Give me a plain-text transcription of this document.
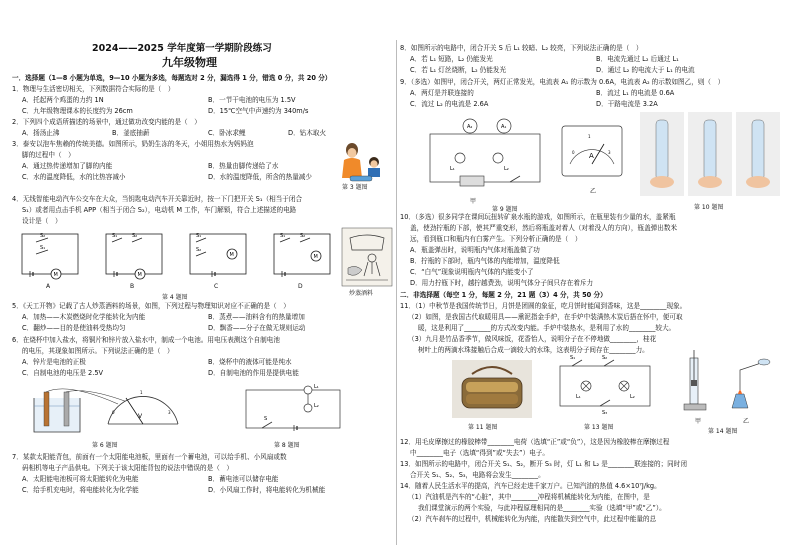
2024——2025 学年度第一学期阶段练习
九年级物理
一．选择题（1—8 小题为单选，9—10 小题为多选，每题选对 2 分，漏选得 1 分，错选 0 分，共 20 分）
1．物理与生活密切相关，下列数据符合实际的是（　）
A．托起两个鸡蛋的力约 1N	B．一节干电池的电压为 1.5V
C．九年级物理课本的长度约为 26cm	D．15℃空气中声速约为 340m/s
2．下列四个成语所描述的场景中，通过做功改变内能的是（　）
A．扬汤止沸	B．釜底抽薪	C．卧冰求鲤	D．钻木取火
3．泰安以泡车焦赖的传统美德。如图所示，奶奶生冻的冬天，小姐用热水为妈妈泡
脚的过程中（　）
A．通过热传递增加了脚的内能	B．热量由脚传递给了水
C．水的温度降低，水的比热容减小	D．水的温度降低，所含的热量减少
第 3 题图
4．无线智能电动汽车公交车在大众，当钥匙电动汽车开关靠近时，按一下门把开关 S₁（相当于闭合
S₁）或者用点击手机 APP（相当于闭合 S₂），电动机 M 工作，车门解锁，符合上述描述的电路
设计是（　）
S₂
S₁
M
S₁	S₂
M
S₁
S₂
M
S₁	S₂
M
A	B	C	D
第 4 题图
炒蒸酒料
5．《天工开物》记载了古人炒蒸酒料的场景，如图，下列过程与物理知识对应不正确的是（　）
A．加热——木炭燃烧时化学能转化为内能	B．蒸煮——油料含有的热量增加
C．翻炒——目的是使油料受热均匀	D．飘香——分子在做无规则运动
6．在烧杯中加入盐水，将铜片和锌片放入盐水中，制成一个电池。用电压表测这个自制电池
的电压，其现象如图所示。下列说法正确的是（　）
A．锌片是电池的正极	B．烧杯中的液体可能是纯水
C．自制电池的电压是 2.5V	D．自制电池的作用是提供电能
V
0
1
3
第 6 题图
L₁
L₂
S
第 8 题图
7．某款太阳能背包，前面有一个太阳能电池板，里面有一个蓄电池，可以给手机、小风扇或数
码相机等电子产品供电。下列关于该太阳能背包的说法中错误的是（　）
A．太阳能电池板可将太阳能转化为电能	B．蓄电池可以储存电能
C．给手机充电时，将电能转化为化学能	D．小风扇工作时，将电能转化为机械能
8．如图所示的电路中，闭合开关 S 后 L₁ 较暗、L₂ 较亮，下列说法正确的是（　）
A．若 L₁ 短路，L₂ 仍能发光	B．电流先通过 L₂ 后通过 L₁
C．若 L₁ 灯丝烧断，L₂ 仍能发光	D．通过 L₂ 的电流大于 L₁ 的电流
9．（多选）如图甲，闭合开关，两灯正常发光，电流表 A₁ 的示数为 0.6A，电流表 A₂ 的示数如图乙，则（　）
A．两灯是并联连接的	B．流过 L₁ 的电流是 0.6A
C．流过 L₂ 的电流是 2.6A	D．干路电流是 3.2A
A₂	A₁
L₁	L₂
甲
A
0
1
3
乙
第 9 题图	第 10 题图
10．（多选）很多同学在课间玩扭转矿泉水瓶的游戏，如图所示，在瓶里装有少量的水，盖紧瓶
盖，使劲拧瓶的下部，使其严重变形，然后将瓶盖对着人（对着没人的方向），瓶盖弹出数米
远，看到瓶口和瓶内有白雾产生。下列分析正确的是（　）
A．瓶盖弹出时，说明瓶内气体对瓶盖做了功
B．拧瓶的下部时，瓶内气体的内能增加，温度降低
C．“白气”现象说明瓶内气体的内能变小了
D．用力拧瓶下时，越拧越费劲，说明气体分子间只存在着斥力
二．非选择题（每空 1 分，每题 2 分，21 题（3）4 分，共 50 分）
11．（1）中秋节是我国传统节日，月饼是团圆的象征，吃月饼时能闻到香味，这是________现象。
（2）如图，是我国古代取暖用具——熏泥指金手炉，在手炉中装满热木炭后捂在怀中，便可取
暖，这是利用了________的方式改变内能。手炉中装热水，是利用了水的________较大。
（3）九月是竹品香季节，做风味饭，花香怡人，说明分子在不停地做________，桂花
树叶上的两滴水珠接触后合成一滴较大的水珠，这表明分子间存在________力。
第 11 题图
S₁	S₂
L₁	L₂
S₃
第 13 题图
甲	乙
第 14 题图
12．用毛皮摩擦过的橡胶棒带________电荷（选填“正”或“负”），这是因为橡胶棒在摩擦过程
中________电子（选填“得到”或“失去”）电子。
13．如图所示的电路中，闭合开关 S₁、S₂，断开 S₃ 时，灯 L₁ 和 L₂ 是________联连接的；同时闭
合开关 S₁、S₂、S₃，电路将会发生________。
14．随着人民生活水平的提高，汽车已经走进千家万户。已知汽油的热值 4.6×10⁷J/kg。
（1）汽油机是汽车的“心脏”，其中________冲程将机械能转化为内能，在图中，是
我们课堂演示的两个实验，与此冲程原理相同的是________实验（选填“甲”或“乙”）。
（2）汽车刹车的过程中，机械能转化为内能，内能散失到空气中，此过程中能量的总
